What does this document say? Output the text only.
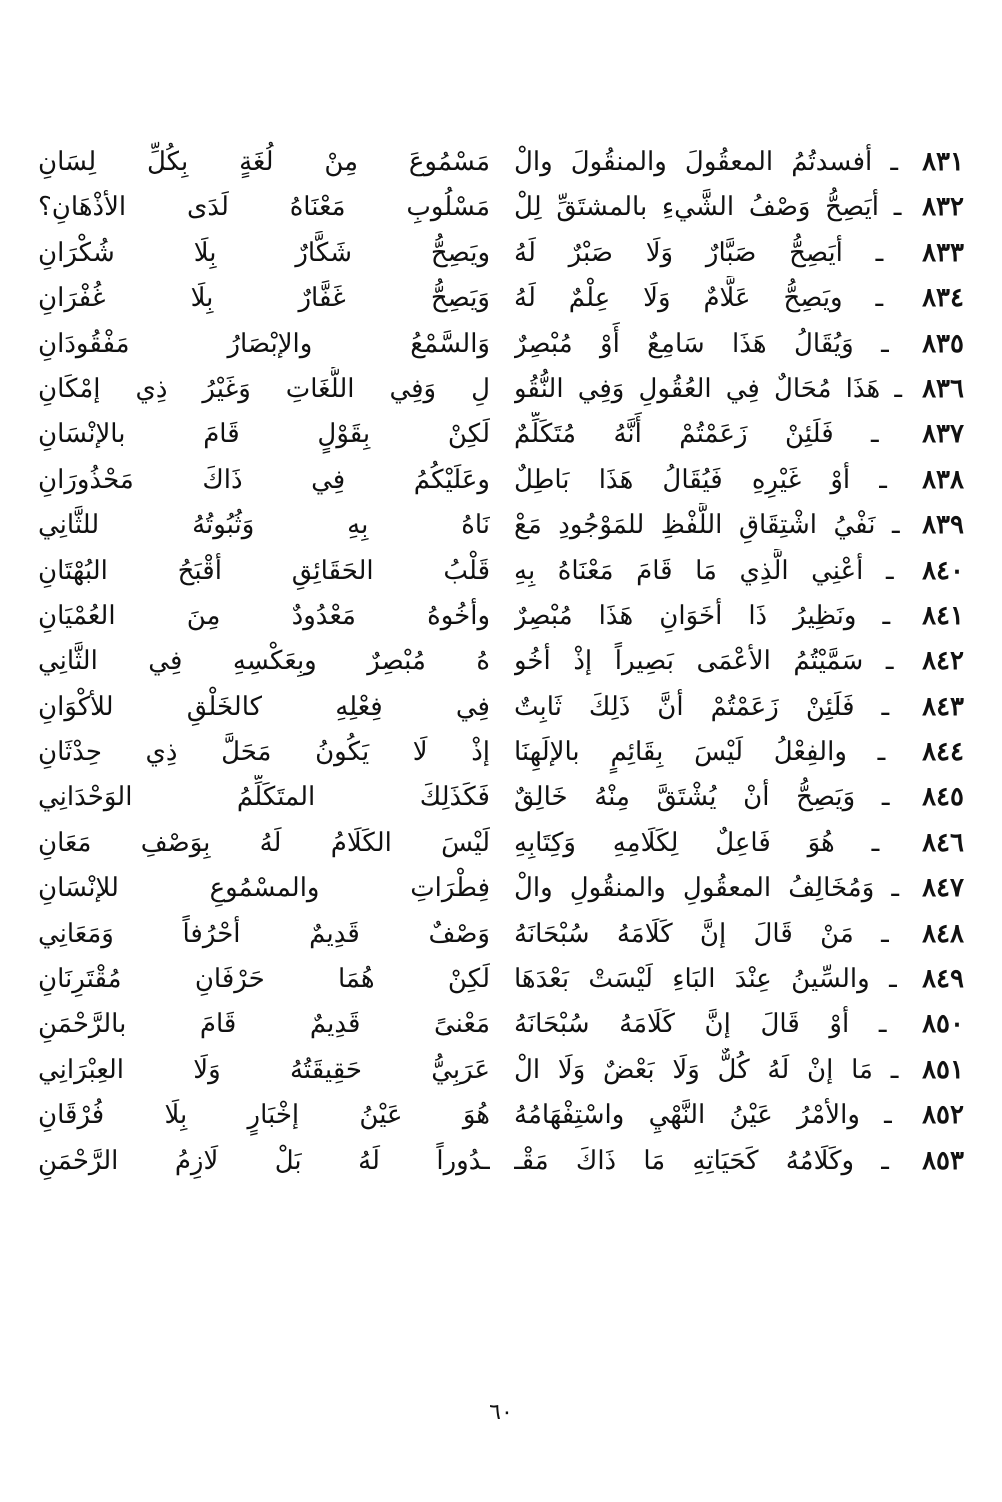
٨٣١ ـ أفسدتُمُ المعقُولَ والمنقُولَ والْ
مَسْمُوعَ مِنْ لُغَةٍ بِكُلِّ لِسَانِ
٨٣٢ ـ أيَصِحُّ وَصْفُ الشَّيءِ بالمشتَقِّ لِلْ
مَسْلُوبِ مَعْنَاهُ لَدَى الأذْهَانِ؟
٨٣٣ ـ أيَصِحُّ صَبَّارٌ وَلَا صَبْرٌ لَهُ
ويَصِحُّ شَكَّارٌ بِلَا شُكْرَانِ
٨٣٤ ـ ويَصِحُّ عَلَّامٌ وَلَا عِلْمٌ لَهُ
وَيَصِحُّ غَفَّارٌ بِلَا غُفْرَانِ
٨٣٥ ـ وَيُقَالُ هَذَا سَامِعٌ أَوْ مُبْصِرٌ
وَالسَّمْعُ والإبْصَارُ مَفْقُودَانِ
٨٣٦ ـ هَذَا مُحَالٌ فِي العُقُولِ وَفِي النُّقُو
لِ وَفِي اللُّغَاتِ وَغَيْرُ ذِي إمْكَانِ
٨٣٧ ـ فَلَئِنْ زَعَمْتُمْ أَنَّهُ مُتَكَلِّمٌ
لَكِنْ بِقَوْلٍ قَامَ بالإنْسَانِ
٨٣٨ ـ أوْ غَيْرِهِ فَيُقَالُ هَذَا بَاطِلٌ
وعَلَيْكُمُ فِي ذَاكَ مَحْذُورَانِ
٨٣٩ ـ نَفْيُ اشْتِقَاقِ اللَّفْظِ للمَوْجُودِ مَعْ
نَاهُ بِهِ وَثُبُوتُهُ للثَّانِي
٨٤٠ ـ أعْنِي الَّذِي مَا قَامَ مَعْنَاهُ بِهِ
قَلْبُ الحَقَائِقِ أقْبَحُ البُهْتَانِ
٨٤١ ـ ونَظِيرُ ذَا أخَوَانِ هَذَا مُبْصِرٌ
وأخُوهُ مَعْدُودٌ مِنَ العُمْيَانِ
٨٤٢ ـ سَمَّيْتُمُ الأعْمَى بَصِيراً إذْ أخُو
هُ مُبْصِرٌ وبِعَكْسِهِ فِي الثَّانِي
٨٤٣ ـ فَلَئِنْ زَعَمْتُمْ أنَّ ذَلِكَ ثَابِتٌ
فِي فِعْلِهِ كالخَلْقِ للأكْوَانِ
٨٤٤ ـ والفِعْلُ لَيْسَ بِقَائِمٍ بالإلَهِنَا
إذْ لَا يَكُونُ مَحَلَّ ذِي حِدْثَانِ
٨٤٥ ـ وَيَصِحُّ أنْ يُشْتَقَّ مِنْهُ خَالِقٌ
فَكَذَلِكَ المتَكَلِّمُ الوَحْدَانِي
٨٤٦ ـ هُوَ فَاعِلٌ لِكَلَامِهِ وَكِتَابِهِ
لَيْسَ الكَلَامُ لَهُ بِوَصْفِ مَعَانِ
٨٤٧ ـ وَمُخَالِفُ المعقُولِ والمنقُولِ والْ
فِطْرَاتِ والمسْمُوعِ للإنْسَانِ
٨٤٨ ـ مَنْ قَالَ إنَّ كَلَامَهُ سُبْحَانَهُ
وَصْفٌ قَدِيمٌ أحْرُفاً وَمَعَانِي
٨٤٩ ـ والسِّينُ عِنْدَ البَاءِ لَيْسَتْ بَعْدَهَا
لَكِنْ هُمَا حَرْفَانِ مُقْتَرِنَانِ
٨٥٠ ـ أوْ قَالَ إنَّ كَلَامَهُ سُبْحَانَهُ
مَعْنىً قَدِيمٌ قَامَ بالرَّحْمَنِ
٨٥١ ـ مَا إنْ لَهُ كُلٌّ وَلَا بَعْضٌ وَلَا الْ
عَرَبِيُّ حَقِيقَتُهُ وَلَا العِبْرَانِي
٨٥٢ ـ والأمْرُ عَيْنُ النَّهْيِ واسْتِفْهَامُهُ
هُوَ عَيْنُ إخْبَارٍ بِلَا فُرْقَانِ
٨٥٣ ـ وكَلَامُهُ كَحَيَاتِهِ مَا ذَاكَ مَقْـ
ـدُوراً لَهُ بَلْ لَازِمُ الرَّحْمَنِ
٦٠
